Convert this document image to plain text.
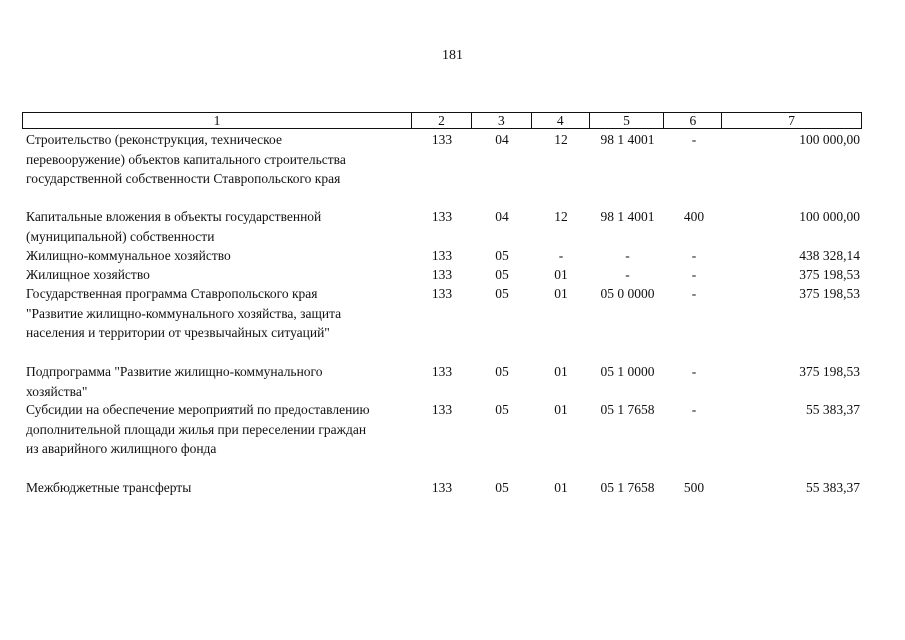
181
1	2	3	4	5	6	7
Строительство (реконструкция, техническое
перевооружение) объектов капитального строительства
государственной собственности Ставропольского края
133	04	12	98 1 4001	-	100 000,00
Капитальные вложения в объекты государственной
(муниципальной) собственности
133	04	12	98 1 4001	400	100 000,00
Жилищно-коммунальное хозяйство	133	05	-	-	-	438 328,14
Жилищное хозяйство	133	05	01	-	-	375 198,53
Государственная программа Ставропольского края
"Развитие жилищно-коммунального хозяйства, защита
населения и территории от чрезвычайных ситуаций"
133	05	01	05 0 0000	-	375 198,53
Подпрограмма "Развитие жилищно-коммунального
хозяйства"
133	05	01	05 1 0000	-	375 198,53
Субсидии на обеспечение мероприятий по предоставлению
дополнительной площади жилья при переселении граждан
из аварийного жилищного фонда
133	05	01	05 1 7658	-	55 383,37
Межбюджетные трансферты	133	05	01	05 1 7658	500	55 383,37
